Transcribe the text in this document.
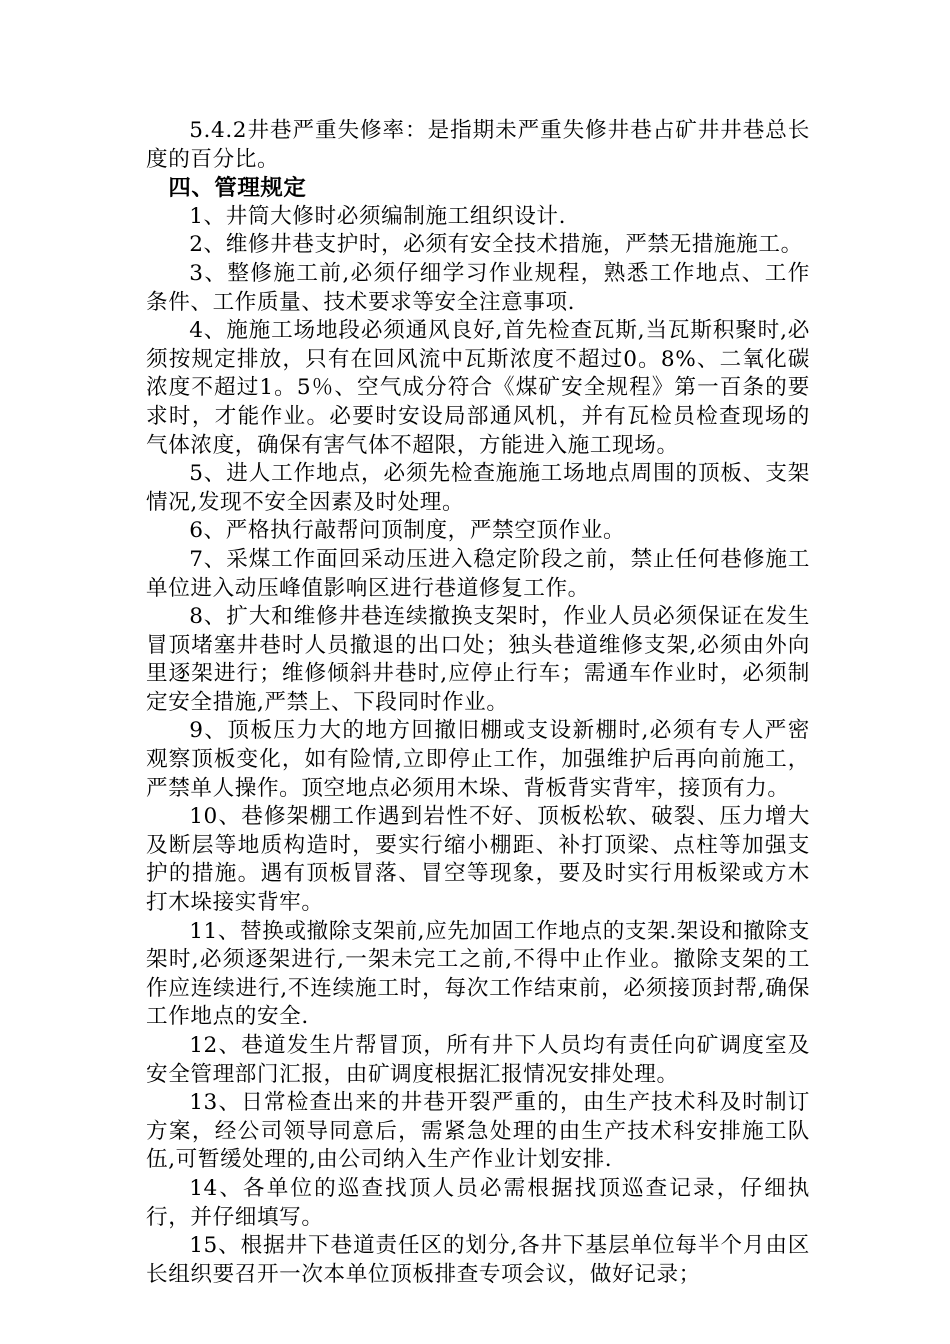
5.4.2井巷严重失修率：是指期未严重失修井巷占矿井井巷总长度的百分比。

四、管理规定

1、井筒大修时必须编制施工组织设计.

2、维修井巷支护时，必须有安全技术措施，严禁无措施施工。

3、整修施工前,必须仔细学习作业规程，熟悉工作地点、工作条件、工作质量、技术要求等安全注意事项.

4、施施工场地段必须通风良好,首先检查瓦斯,当瓦斯积聚时,必须按规定排放，只有在回风流中瓦斯浓度不超过0。8%、二氧化碳浓度不超过1。5％、空气成分符合《煤矿安全规程》第一百条的要求时，才能作业。必要时安设局部通风机，并有瓦检员检查现场的气体浓度，确保有害气体不超限，方能进入施工现场。

5、进人工作地点，必须先检查施施工场地点周围的顶板、支架情况,发现不安全因素及时处理。

6、严格执行敲帮问顶制度，严禁空顶作业。

7、采煤工作面回采动压进入稳定阶段之前，禁止任何巷修施工单位进入动压峰值影响区进行巷道修复工作。

8、扩大和维修井巷连续撤换支架时，作业人员必须保证在发生冒顶堵塞井巷时人员撤退的出口处；独头巷道维修支架,必须由外向里逐架进行；维修倾斜井巷时,应停止行车；需通车作业时，必须制定安全措施,严禁上、下段同时作业。

9、顶板压力大的地方回撤旧棚或支设新棚时,必须有专人严密观察顶板变化，如有险情,立即停止工作，加强维护后再向前施工，严禁单人操作。顶空地点必须用木垛、背板背实背牢，接顶有力。

10、巷修架棚工作遇到岩性不好、顶板松软、破裂、压力增大及断层等地质构造时，要实行缩小棚距、补打顶梁、点柱等加强支护的措施。遇有顶板冒落、冒空等现象，要及时实行用板梁或方木打木垛接实背牢。

11、替换或撤除支架前,应先加固工作地点的支架.架设和撤除支架时,必须逐架进行,一架未完工之前,不得中止作业。撤除支架的工作应连续进行,不连续施工时，每次工作结束前，必须接顶封帮,确保工作地点的安全.

12、巷道发生片帮冒顶，所有井下人员均有责任向矿调度室及安全管理部门汇报，由矿调度根据汇报情况安排处理。

13、日常检查出来的井巷开裂严重的，由生产技术科及时制订方案，经公司领导同意后，需紧急处理的由生产技术科安排施工队伍,可暂缓处理的,由公司纳入生产作业计划安排.

14、各单位的巡查找顶人员必需根据找顶巡查记录，仔细执行，并仔细填写。

15、根据井下巷道责任区的划分,各井下基层单位每半个月由区长组织要召开一次本单位顶板排查专项会议，做好记录；
